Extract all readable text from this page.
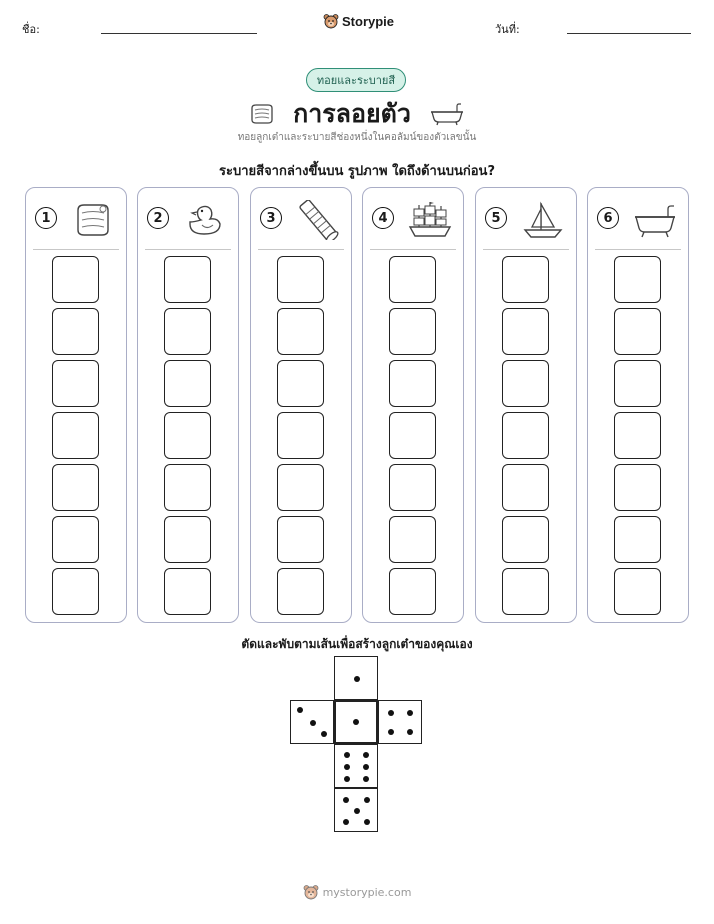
ชื่อ:
Storypie
วันที่:
ทอยและระบายสี
การลอยตัว
ทอยลูกเต๋าและระบายสีช่องหนึ่งในคอลัมน์ของตัวเลขนั้น
ระบายสีจากล่างขึ้นบน รูปภาพ ใดถึงด้านบนก่อน?
1	2	3	4	5	6
ตัดและพับตามเส้นเพื่อสร้างลูกเต๋าของคุณเอง
mystorypie.com
